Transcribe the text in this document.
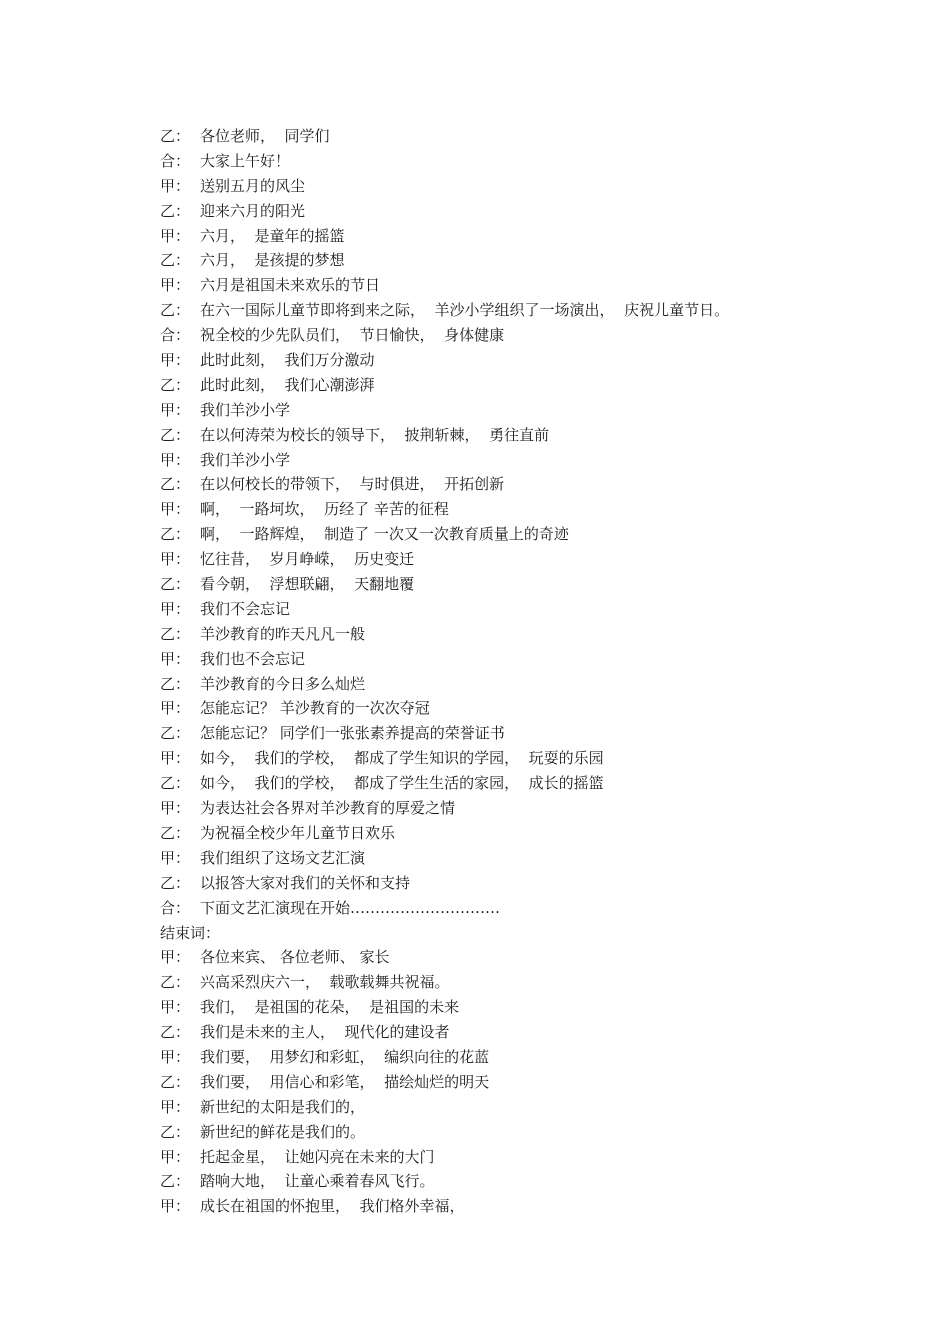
乙： 各位老师，  同学们
合： 大家上午好！
甲： 送别五月的风尘
乙： 迎来六月的阳光
甲： 六月，  是童年的摇篮
乙： 六月，  是孩提的梦想
甲： 六月是祖国未来欢乐的节日
乙： 在六一国际儿童节即将到来之际，  羊沙小学组织了一场演出，  庆祝儿童节日。
合： 祝全校的少先队员们，  节日愉快，  身体健康
甲： 此时此刻，  我们万分激动
乙： 此时此刻，  我们心潮澎湃
甲： 我们羊沙小学
乙： 在以何涛荣为校长的领导下，  披荆斩棘，  勇往直前
甲： 我们羊沙小学
乙： 在以何校长的带领下，  与时俱进，  开拓创新
甲： 啊，  一路坷坎，  历经了 辛苦的征程
乙： 啊，  一路辉煌，  制造了 一次又一次教育质量上的奇迹
甲： 忆往昔，  岁月峥嵘，  历史变迁
乙： 看今朝，  浮想联翩，  天翻地覆
甲： 我们不会忘记
乙： 羊沙教育的昨天凡凡一般
甲： 我们也不会忘记
乙： 羊沙教育的今日多么灿烂
甲： 怎能忘记？ 羊沙教育的一次次夺冠
乙： 怎能忘记？ 同学们一张张素养提高的荣誉证书
甲： 如今，  我们的学校，  都成了学生知识的学园，  玩耍的乐园
乙： 如今，  我们的学校，  都成了学生生活的家园，  成长的摇篮
甲： 为表达社会各界对羊沙教育的厚爱之情
乙： 为祝福全校少年儿童节日欢乐
甲： 我们组织了这场文艺汇演
乙： 以报答大家对我们的关怀和支持
合： 下面文艺汇演现在开始…………………………
结束词：
甲： 各位来宾、 各位老师、 家长
乙： 兴高采烈庆六一，  载歌载舞共祝福。
甲： 我们，  是祖国的花朵，  是祖国的未来
乙： 我们是未来的主人，  现代化的建设者
甲： 我们要，  用梦幻和彩虹，  编织向往的花蓝
乙： 我们要，  用信心和彩笔，  描绘灿烂的明天
甲： 新世纪的太阳是我们的，
乙： 新世纪的鲜花是我们的。
甲： 托起金星，  让她闪亮在未来的大门
乙： 踏响大地，  让童心乘着春风飞行。
甲： 成长在祖国的怀抱里，  我们格外幸福，
